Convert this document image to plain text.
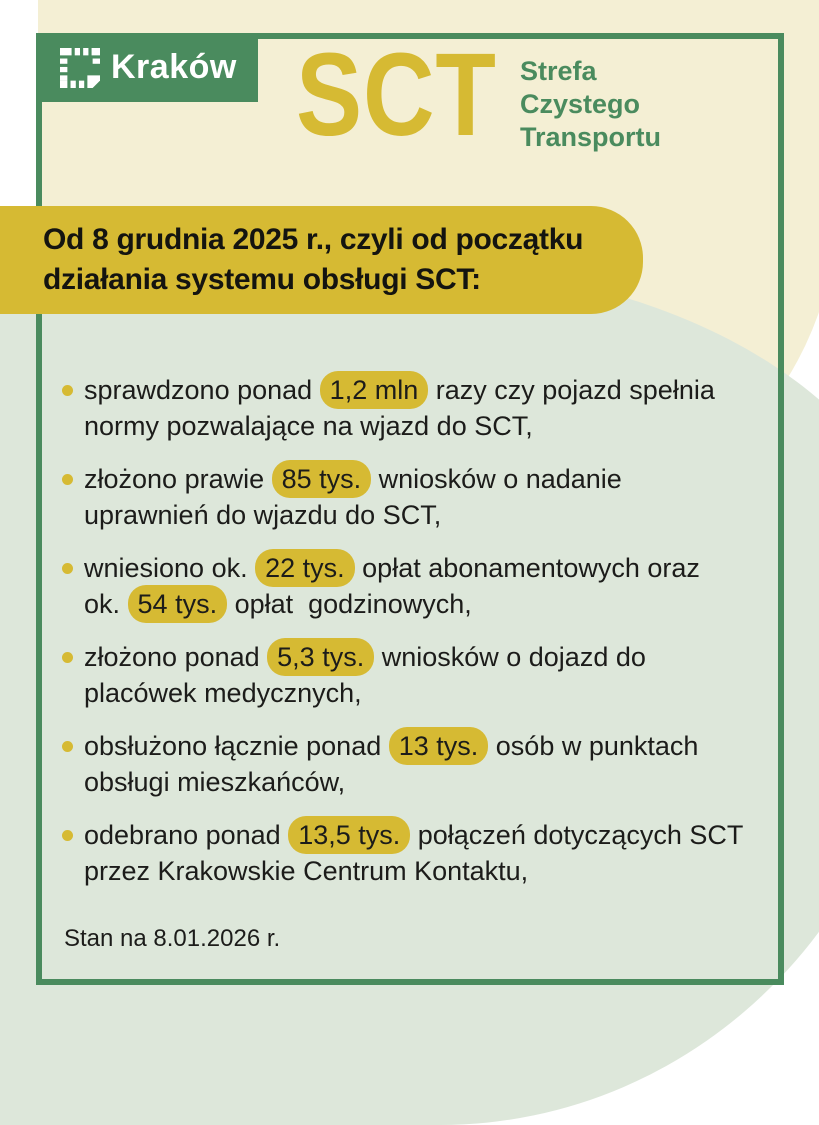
Kraków SCT Strefa
Czystego
Transportu
Od 8 grudnia 2025 r., czyli od początku
działania systemu obsługi SCT:
sprawdzono ponad 1,2 mln razy czy pojazd spełnia
normy pozwalające na wjazd do SCT,
złożono prawie 85 tys. wniosków o nadanie
uprawnień do wjazdu do SCT,
wniesiono ok. 22 tys. opłat abonamentowych oraz
ok. 54 tys. opłat  godzinowych,
złożono ponad 5,3 tys. wniosków o dojazd do
placówek medycznych,
obsłużono łącznie ponad 13 tys. osób w punktach
obsługi mieszkańców,
odebrano ponad 13,5 tys. połączeń dotyczących SCT
przez Krakowskie Centrum Kontaktu,
Stan na 8.01.2026 r.
